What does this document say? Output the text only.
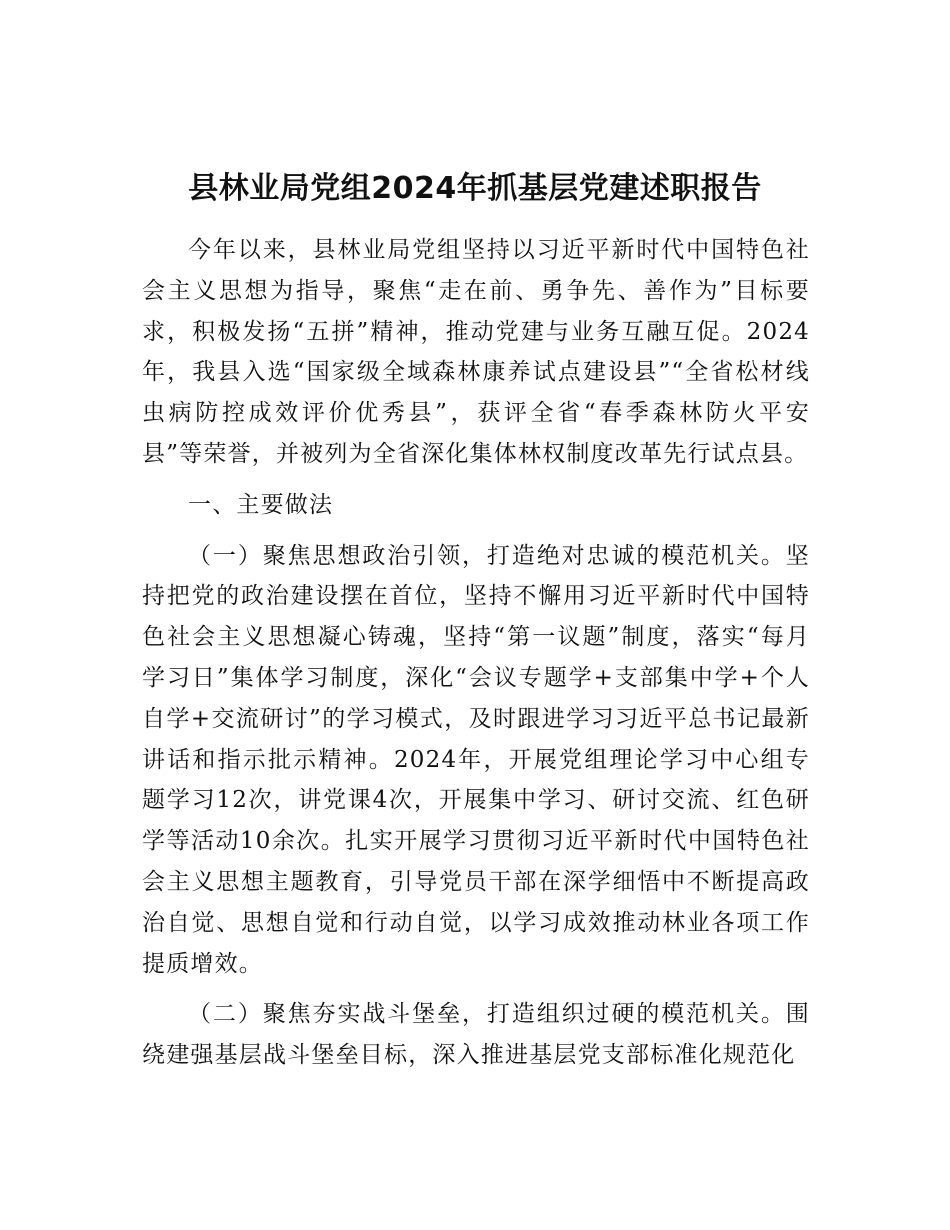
县林业局党组2024年抓基层党建述职报告

今年以来，县林业局党组坚持以习近平新时代中国特色社会主义思想为指导，聚焦“走在前、勇争先、善作为”目标要求，积极发扬“五拼”精神，推动党建与业务互融互促。2024年，我县入选“国家级全域森林康养试点建设县”“全省松材线虫病防控成效评价优秀县”，获评全省“春季森林防火平安县”等荣誉，并被列为全省深化集体林权制度改革先行试点县。

一、主要做法

（一）聚焦思想政治引领，打造绝对忠诚的模范机关。坚持把党的政治建设摆在首位，坚持不懈用习近平新时代中国特色社会主义思想凝心铸魂，坚持“第一议题”制度，落实“每月学习日”集体学习制度，深化“会议专题学+支部集中学+个人自学+交流研讨”的学习模式，及时跟进学习习近平总书记最新讲话和指示批示精神。2024年，开展党组理论学习中心组专题学习12次，讲党课4次，开展集中学习、研讨交流、红色研学等活动10余次。扎实开展学习贯彻习近平新时代中国特色社会主义思想主题教育，引导党员干部在深学细悟中不断提高政治自觉、思想自觉和行动自觉，以学习成效推动林业各项工作提质增效。

（二）聚焦夯实战斗堡垒，打造组织过硬的模范机关。围绕建强基层战斗堡垒目标，深入推进基层党支部标准化规范化
